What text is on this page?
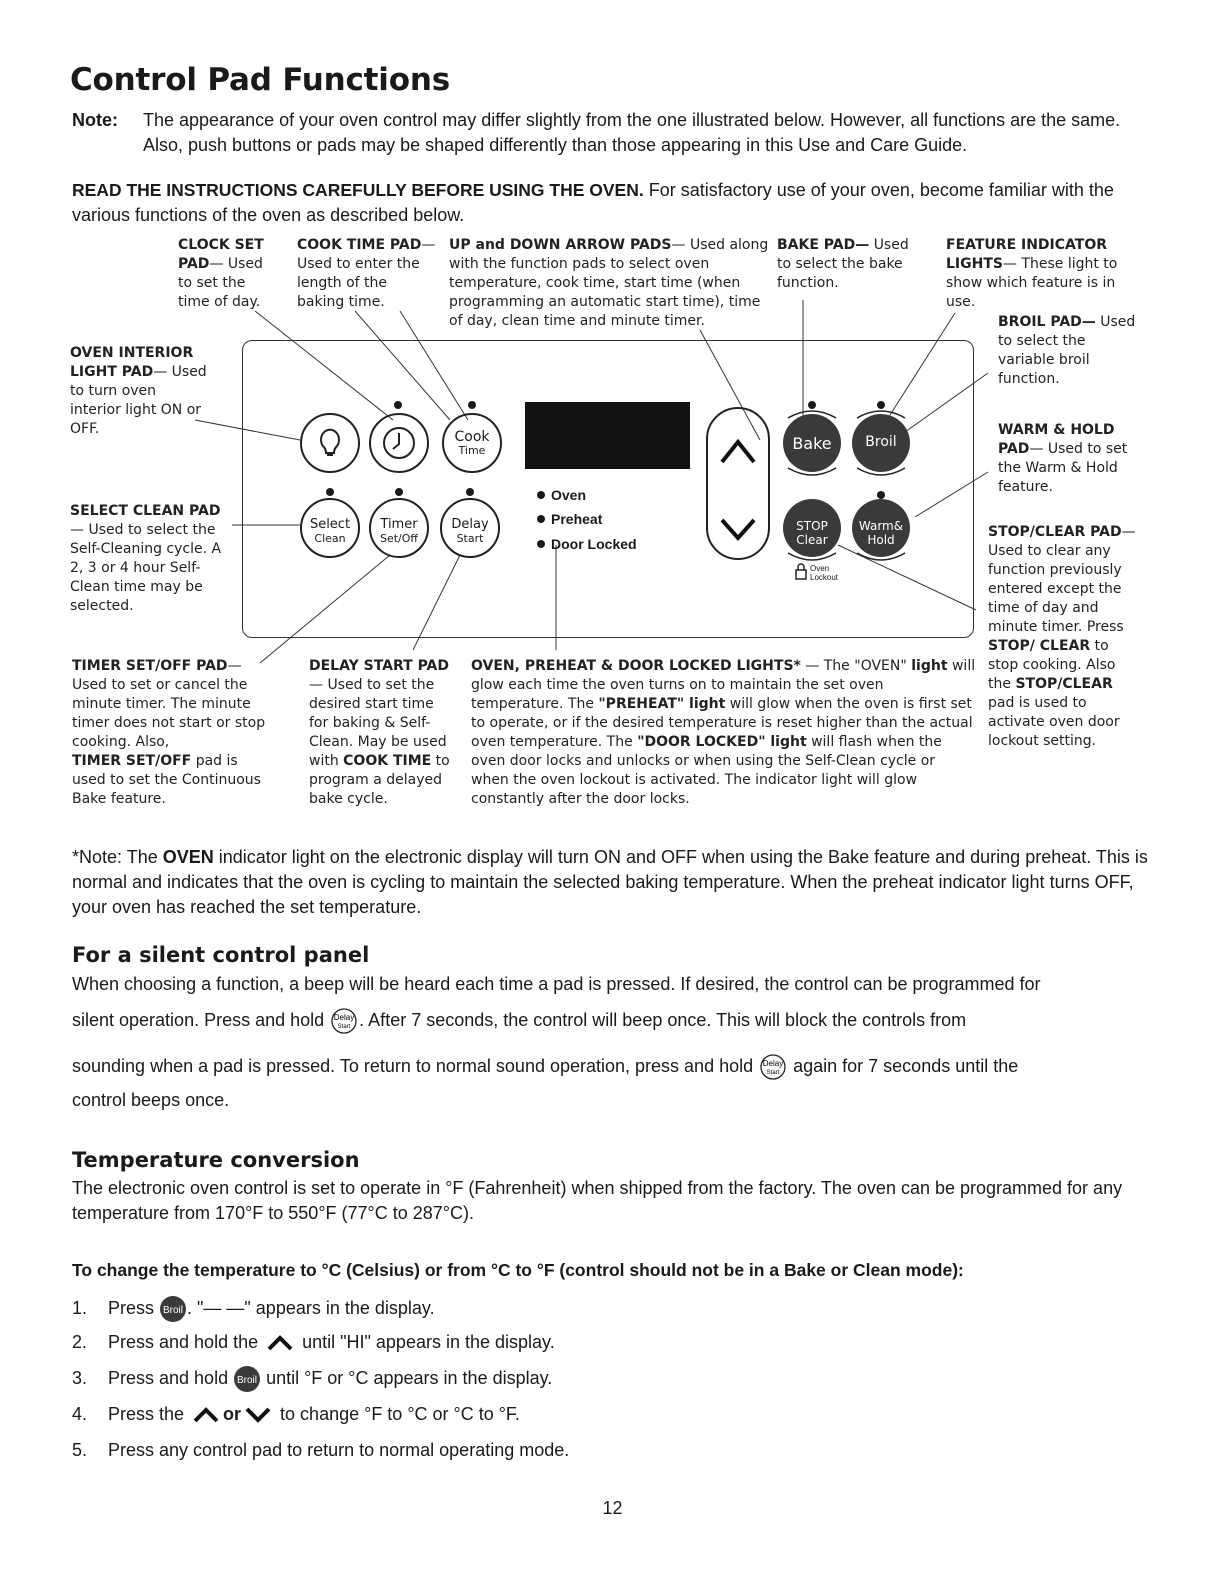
Control Pad Functions
Note: The appearance of your oven control may differ slightly from the one illustrated below. However, all functions are the same. Also, push buttons or pads may be shaped differently than those appearing in this Use and Care Guide.
READ THE INSTRUCTIONS CAREFULLY BEFORE USING THE OVEN. For satisfactory use of your oven, become familiar with the various functions of the oven as described below.
Cook
Time
Select
Clean
Timer
Set/Off
Delay
Start
Bake	Broil
STOP
Clear
Warm&
Hold
Oven
Preheat
Door Locked
Oven
Lockout
CLOCK SET PAD— Used to set the time of day.
COOK TIME PAD— Used to enter the length of the baking time.
UP and DOWN ARROW PADS— Used along with the function pads to select oven temperature, cook time, start time (when programming an automatic start time), time of day, clean time and minute timer.
BAKE PAD— Used to select the bake function.
FEATURE INDICATOR LIGHTS— These light to show which feature is in use.
BROIL PAD— Used to select the variable broil function.
WARM & HOLD PAD— Used to set the Warm & Hold feature.
STOP/CLEAR PAD— Used to clear any function previously entered except the time of day and minute timer. Press STOP/ CLEAR to stop cooking. Also the STOP/CLEAR pad is used to activate oven door lockout setting.
OVEN INTERIOR LIGHT PAD— Used to turn oven interior light ON or OFF.
SELECT CLEAN PAD— Used to select the Self-Cleaning cycle. A 2, 3 or 4 hour Self-Clean time may be selected.
TIMER SET/OFF PAD— Used to set or cancel the minute timer. The minute timer does not start or stop cooking. Also,
TIMER SET/OFF pad is used to set the Continuous Bake feature.
DELAY START PAD— Used to set the desired start time for baking & Self-Clean. May be used with COOK TIME to program a delayed bake cycle.
OVEN, PREHEAT & DOOR LOCKED LIGHTS* — The "OVEN" light will glow each time the oven turns on to maintain the set oven temperature. The "PREHEAT" light will glow when the oven is first set to operate, or if the desired temperature is reset higher than the actual oven temperature. The "DOOR LOCKED" light will flash when the oven door locks and unlocks or when using the Self-Clean cycle or when the oven lockout is activated. The indicator light will glow constantly after the door locks.
*Note: The OVEN indicator light on the electronic display will turn ON and OFF when using the Bake feature and during preheat. This is normal and indicates that the oven is cycling to maintain the selected baking temperature. When the preheat indicator light turns OFF, your oven has reached the set temperature.
For a silent control panel
When choosing a function, a beep will be heard each time a pad is pressed. If desired, the control can be programmed for
silent operation. Press and hold Delay
Start . After 7 seconds, the control will beep once. This will block the controls from
sounding when a pad is pressed. To return to normal sound operation, press and hold Delay
Start again for 7 seconds until the
control beeps once.
Temperature conversion
The electronic oven control is set to operate in °F (Fahrenheit) when shipped from the factory. The oven can be programmed for any temperature from 170°F to 550°F (77°C to 287°C).
To change the temperature to °C (Celsius) or from °C to °F (control should not be in a Bake or Clean mode):
1. Press Broil . "— —" appears in the display.
2. Press and hold the  until "HI" appears in the display.
3. Press and hold Broil until °F or °C appears in the display.
4. Press the or to change °F to °C or °C to °F.
5. Press any control pad to return to normal operating mode.
12
